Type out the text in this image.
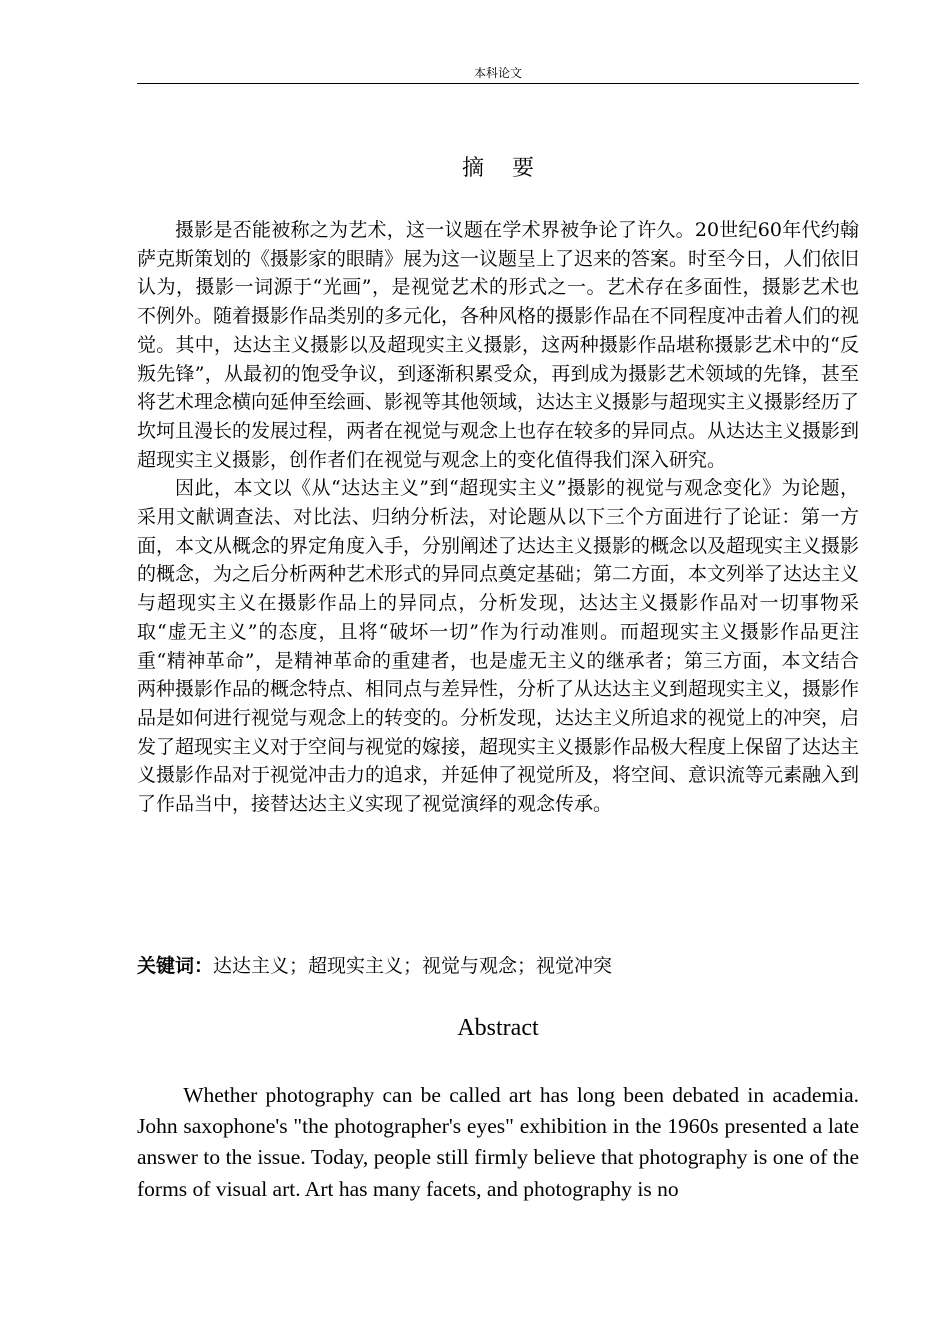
本科论文
摘要

摄影是否能被称之为艺术，这一议题在学术界被争论了许久。20世纪60年代约翰萨克斯策划的《摄影家的眼睛》展为这一议题呈上了迟来的答案。时至今日，人们依旧认为，摄影一词源于“光画”，是视觉艺术的形式之一。艺术存在多面性，摄影艺术也不例外。随着摄影作品类别的多元化，各种风格的摄影作品在不同程度冲击着人们的视觉。其中，达达主义摄影以及超现实主义摄影，这两种摄影作品堪称摄影艺术中的“反叛先锋”，从最初的饱受争议，到逐渐积累受众，再到成为摄影艺术领域的先锋，甚至将艺术理念横向延伸至绘画、影视等其他领域，达达主义摄影与超现实主义摄影经历了坎坷且漫长的发展过程，两者在视觉与观念上也存在较多的异同点。从达达主义摄影到超现实主义摄影，创作者们在视觉与观念上的变化值得我们深入研究。

因此，本文以《从“达达主义”到“超现实主义”摄影的视觉与观念变化》为论题，采用文献调查法、对比法、归纳分析法，对论题从以下三个方面进行了论证：第一方面，本文从概念的界定角度入手，分别阐述了达达主义摄影的概念以及超现实主义摄影的概念，为之后分析两种艺术形式的异同点奠定基础；第二方面，本文列举了达达主义与超现实主义在摄影作品上的异同点，分析发现，达达主义摄影作品对一切事物采取“虚无主义”的态度，且将“破坏一切”作为行动准则。而超现实主义摄影作品更注重“精神革命”，是精神革命的重建者，也是虚无主义的继承者；第三方面，本文结合两种摄影作品的概念特点、相同点与差异性，分析了从达达主义到超现实主义，摄影作品是如何进行视觉与观念上的转变的。分析发现，达达主义所追求的视觉上的冲突，启发了超现实主义对于空间与视觉的嫁接，超现实主义摄影作品极大程度上保留了达达主义摄影作品对于视觉冲击力的追求，并延伸了视觉所及，将空间、意识流等元素融入到了作品当中，接替达达主义实现了视觉演绎的观念传承。

关键词：达达主义；超现实主义；视觉与观念；视觉冲突
Abstract

Whether photography can be called art has long been debated in academia. John saxophone's "the photographer's eyes" exhibition in the 1960s presented a late answer to the issue. Today, people still firmly believe that photography is one of the forms of visual art. Art has many facets, and photography is no
